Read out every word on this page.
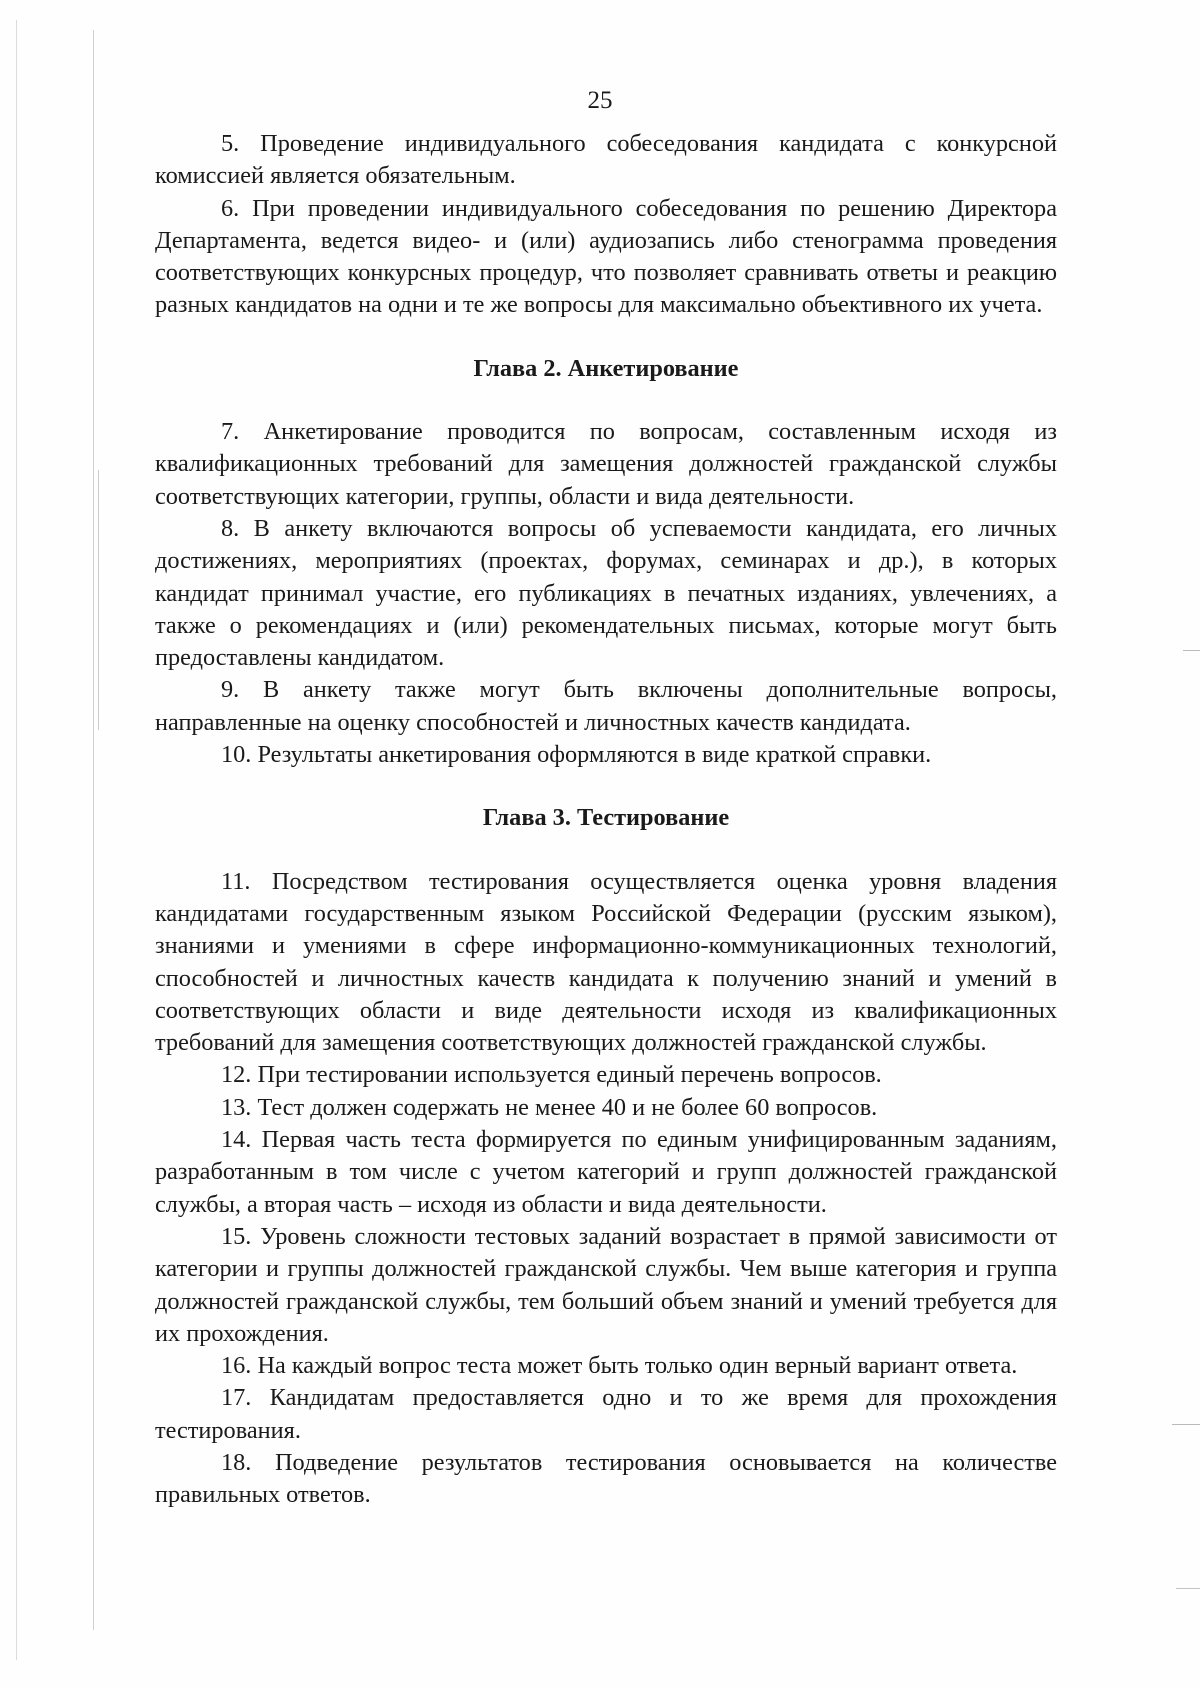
25

5. Проведение индивидуального собеседования кандидата с конкурсной комиссией является обязательным.

6. При проведении индивидуального собеседования по решению Директора Департамента, ведется видео- и (или) аудиозапись либо стенограмма проведения соответствующих конкурсных процедур, что позволяет сравнивать ответы и реакцию разных кандидатов на одни и те же вопросы для максимально объективного их учета.

Глава 2. Анкетирование

7. Анкетирование проводится по вопросам, составленным исходя из квалификационных требований для замещения должностей гражданской службы соответствующих категории, группы, области и вида деятельности.

8. В анкету включаются вопросы об успеваемости кандидата, его личных достижениях, мероприятиях (проектах, форумах, семинарах и др.), в которых кандидат принимал участие, его публикациях в печатных изданиях, увлечениях, а также о рекомендациях и (или) рекомендательных письмах, которые могут быть предоставлены кандидатом.

9. В анкету также могут быть включены дополнительные вопросы, направленные на оценку способностей и личностных качеств кандидата.

10. Результаты анкетирования оформляются в виде краткой справки.

Глава 3. Тестирование

11. Посредством тестирования осуществляется оценка уровня владения кандидатами государственным языком Российской Федерации (русским языком), знаниями и умениями в сфере информационно-коммуникационных технологий, способностей и личностных качеств кандидата к получению знаний и умений в соответствующих области и виде деятельности исходя из квалификационных требований для замещения соответствующих должностей гражданской службы.

12. При тестировании используется единый перечень вопросов.

13. Тест должен содержать не менее 40 и не более 60 вопросов.

14. Первая часть теста формируется по единым унифицированным заданиям, разработанным в том числе с учетом категорий и групп должностей гражданской службы, а вторая часть – исходя из области и вида деятельности.

15. Уровень сложности тестовых заданий возрастает в прямой зависимости от категории и группы должностей гражданской службы. Чем выше категория и группа должностей гражданской службы, тем больший объем знаний и умений требуется для их прохождения.

16. На каждый вопрос теста может быть только один верный вариант ответа.

17. Кандидатам предоставляется одно и то же время для прохождения тестирования.

18. Подведение результатов тестирования основывается на количестве правильных ответов.
